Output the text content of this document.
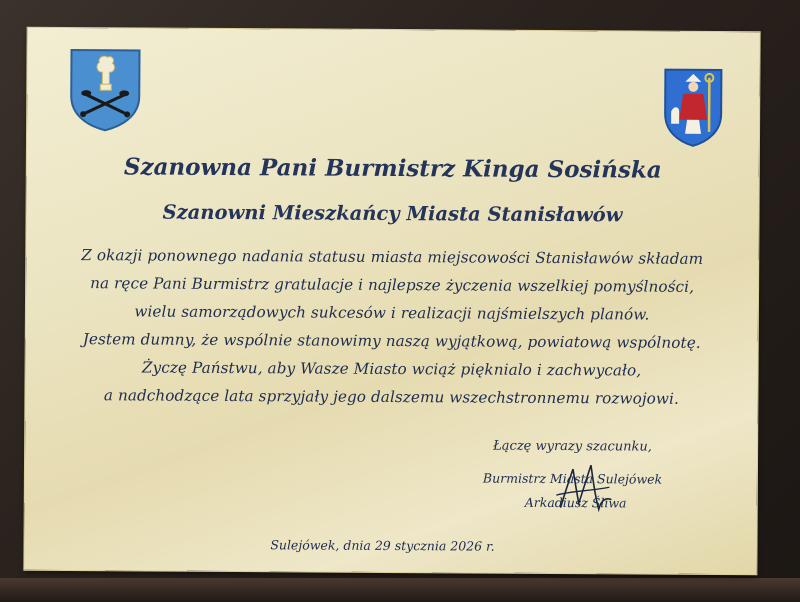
Szanowna Pani Burmistrz Kinga Sosińska
Szanowni Mieszkańcy Miasta Stanisławów
Z okazji ponownego nadania statusu miasta miejscowości Stanisławów składam
na ręce Pani Burmistrz gratulacje i najlepsze życzenia wszelkiej pomyślności,
wielu samorządowych sukcesów i realizacji najśmielszych planów.
Jestem dumny, że wspólnie stanowimy naszą wyjątkową, powiatową wspólnotę.
Życzę Państwu, aby Wasze Miasto wciąż pięknialo i zachwycało,
a nadchodzące lata sprzyjały jego dalszemu wszechstronnemu rozwojowi.
Łączę wyrazy szacunku,
Burmistrz Miasta Sulejówek
Arkadiusz Śliwa
Sulejówek, dnia 29 stycznia 2026 r.
